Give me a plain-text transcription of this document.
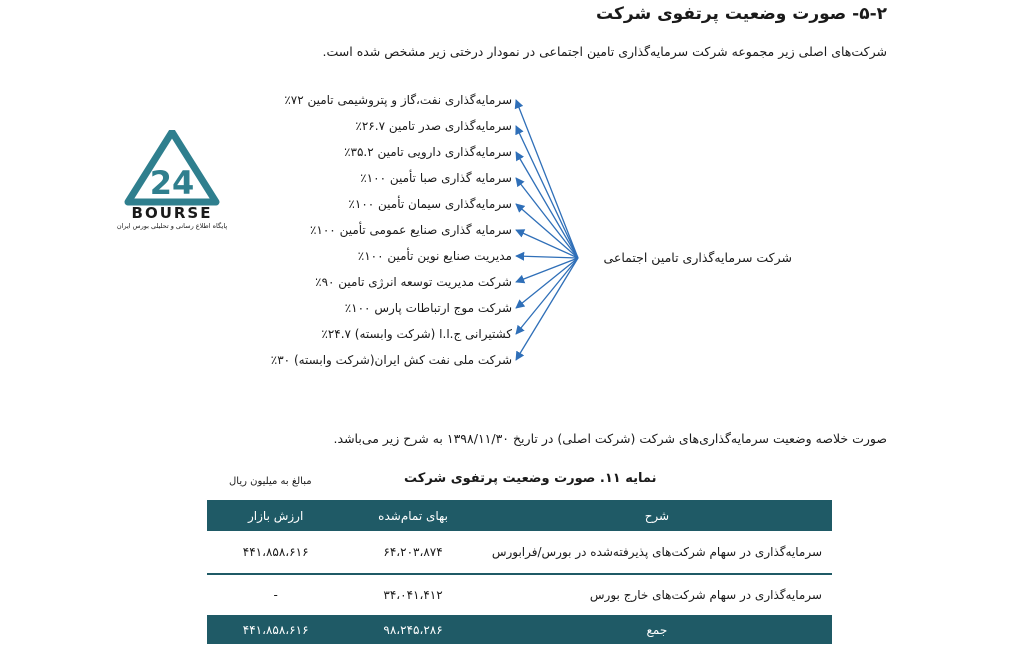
۵-۲- صورت وضعیت پرتفوی شرکت
شرکت‌های اصلی زیر مجموعه شرکت سرمایه‌گذاری تامین اجتماعی در نمودار درختی زیر مشخص شده است.
سرمایه‌گذاری نفت،گاز و پتروشیمی تامین ۷۲٪
سرمایه‌گذاری صدر تامین ۲۶.۷٪
سرمایه‌گذاری دارویی تامین ۳۵.۲٪
سرمایه گذاری صبا تأمین ۱۰۰٪
سرمایه‌گذاری سیمان تأمین ۱۰۰٪
سرمایه گذاری صنایع عمومی تأمین ۱۰۰٪
مدیریت صنایع نوین تأمین ۱۰۰٪
شرکت مدیریت توسعه انرژی تامین ۹۰٪
شرکت موج ارتباطات پارس ۱۰۰٪
کشتیرانی ج.ا.ا (شرکت وابسته) ۲۴.۷٪
شرکت ملی نفت کش ایران(شرکت وابسته) ۳۰٪
شرکت سرمایه‌گذاری تامین اجتماعی
24
BOURSE
پایگاه اطلاع رسانی و تحلیلی بورس ایران
صورت خلاصه وضعیت سرمایه‌گذاری‌های شرکت (شرکت اصلی) در تاریخ ۱۳۹۸/۱۱/۳۰ به شرح زیر می‌باشد.
نمایه ۱۱. صورت وضعیت پرتفوی شرکت
مبالغ به میلیون ریال
ارزش بازار	بهای تمام‌شده	شرح
۴۴۱،۸۵۸،۶۱۶	۶۴،۲۰۳،۸۷۴	سرمایه‌گذاری در سهام شرکت‌های پذیرفته‌شده در بورس/فرابورس
-	۳۴،۰۴۱،۴۱۲	سرمایه‌گذاری در سهام شرکت‌های خارج بورس
۴۴۱،۸۵۸،۶۱۶	۹۸،۲۴۵،۲۸۶	جمع
